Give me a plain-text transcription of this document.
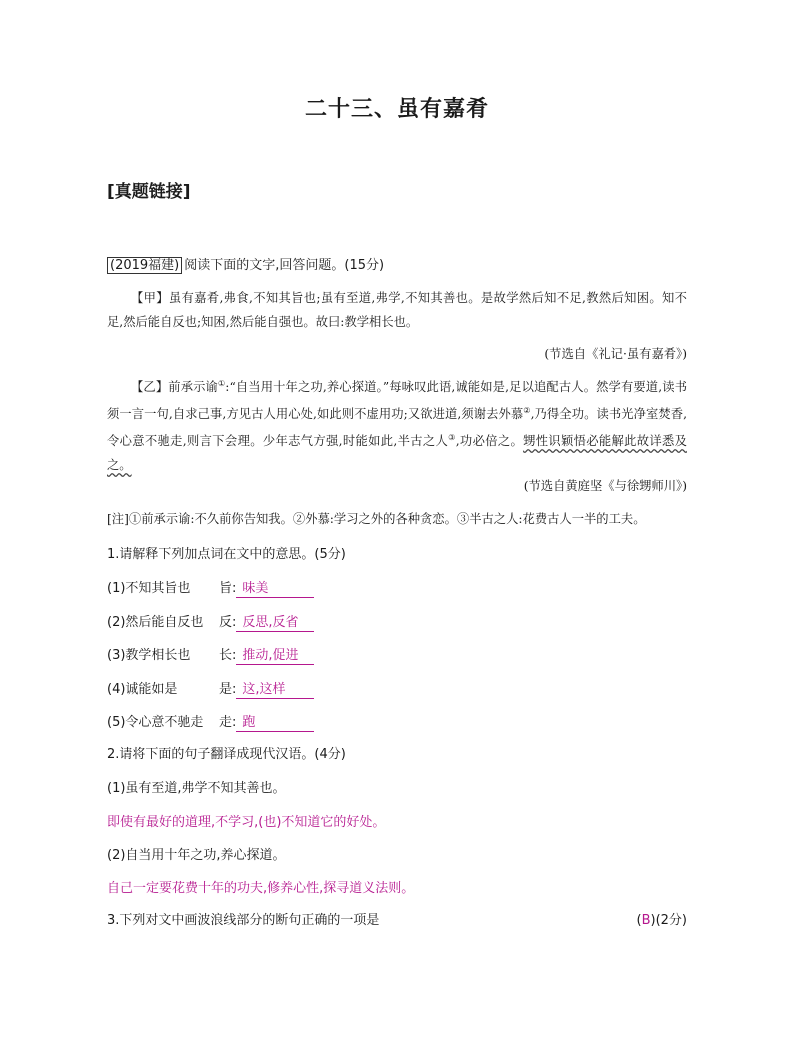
二十三、虽有嘉肴
[真题链接]
(2019福建) 阅读下面的文字,回答问题。(15分)

【甲】虽有嘉肴,弗食,不知其旨也;虽有至道,弗学,不知其善也。是故学然后知不足,教然后知困。知不足,然后能自反也;知困,然后能自强也。故曰:教学相长也。

(节选自《礼记·虽有嘉肴》)

【乙】前承示谕①:“自当用十年之功,养心探道。”每咏叹此语,诚能如是,足以追配古人。然学有要道,读书须一言一句,自求己事,方见古人用心处,如此则不虚用功;又欲进道,须谢去外慕②,乃得全功。读书光净室焚香,令心意不驰走,则言下会理。少年志气方强,时能如此,半古之人③,功必倍之。甥性识颖悟必能解此故详悉及之。

(节选自黄庭坚《与徐甥师川》)
[注]①前承示谕:不久前你告知我。②外慕:学习之外的各种贪恋。③半古之人:花费古人一半的工夫。
1.请解释下列加点词在文中的意思。(5分)
(1)不知其旨也 旨: 味美
(2)然后能自反也 反: 反思,反省
(3)教学相长也 长: 推动,促进
(4)诚能如是	是: 这,这样
(5)令心意不驰走 走: 跑
2.请将下面的句子翻译成现代汉语。(4分)
(1)虽有至道,弗学不知其善也。
即使有最好的道理,不学习,(也)不知道它的好处。
(2)自当用十年之功,养心探道。
自己一定要花费十年的功夫,修养心性,探寻道义法则。
3.下列对文中画波浪线部分的断句正确的一项是	(B)(2分)
